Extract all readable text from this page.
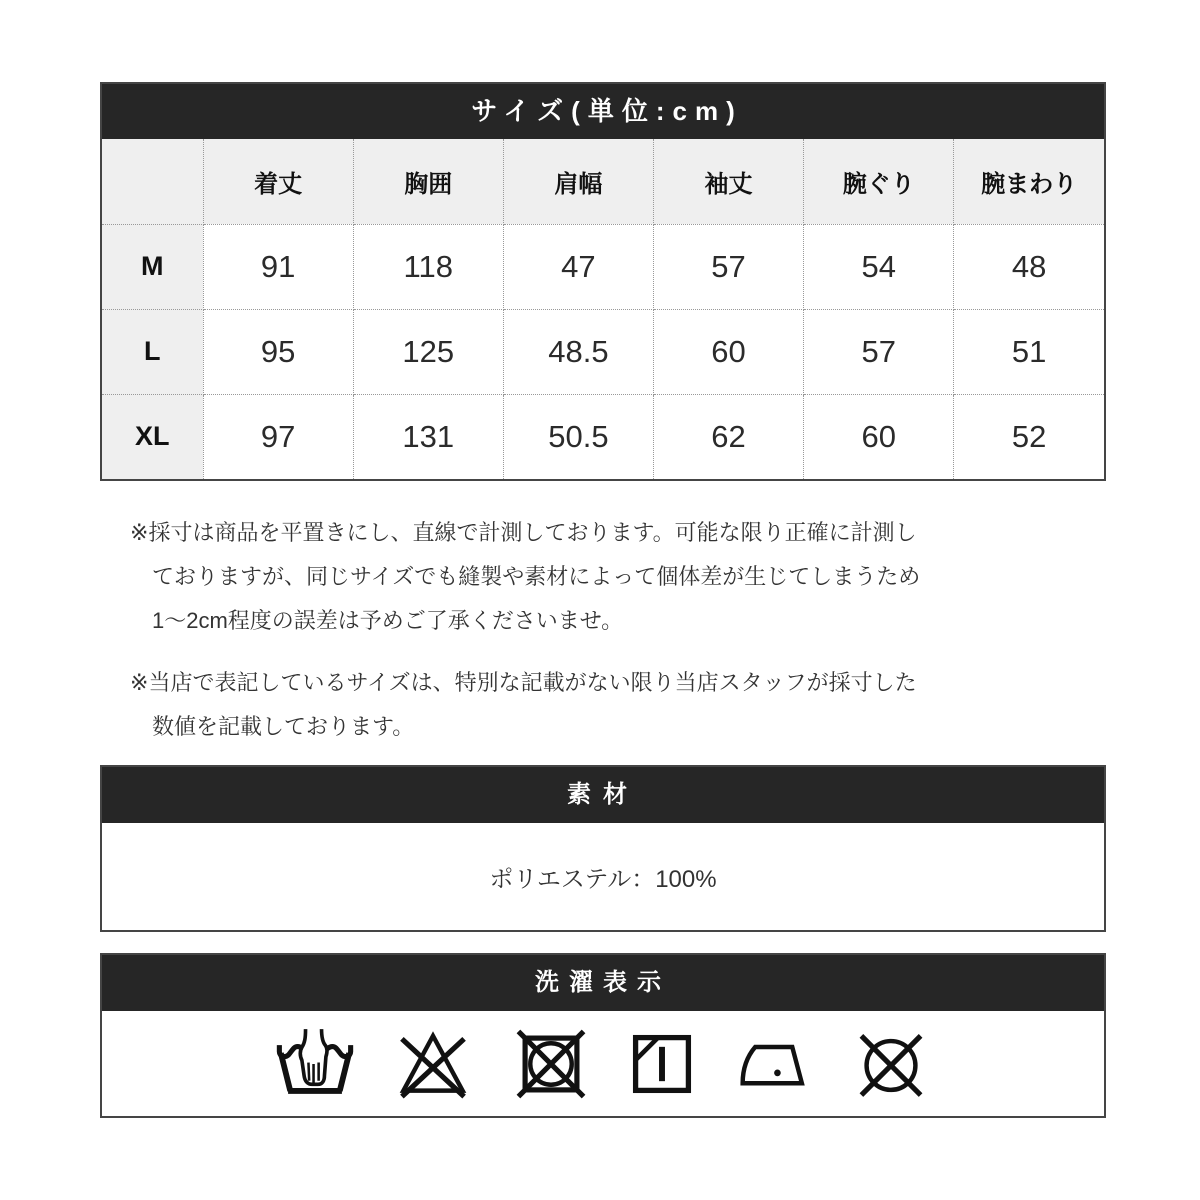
サイズ(単位:cm)
	着丈	胸囲	肩幅	袖丈	腕ぐり	腕まわり
M	91	118	47	57	54	48
L	95	125	48.5	60	57	51
XL	97	131	50.5	62	60	52
※採寸は商品を平置きにし、直線で計測しております。可能な限り正確に計測し
ておりますが、同じサイズでも縫製や素材によって個体差が生じてしまうため
1〜2cm程度の誤差は予めご了承くださいませ。
※当店で表記しているサイズは、特別な記載がない限り当店スタッフが採寸した
数値を記載しております。
素材
ポリエステル：100%
洗濯表示
